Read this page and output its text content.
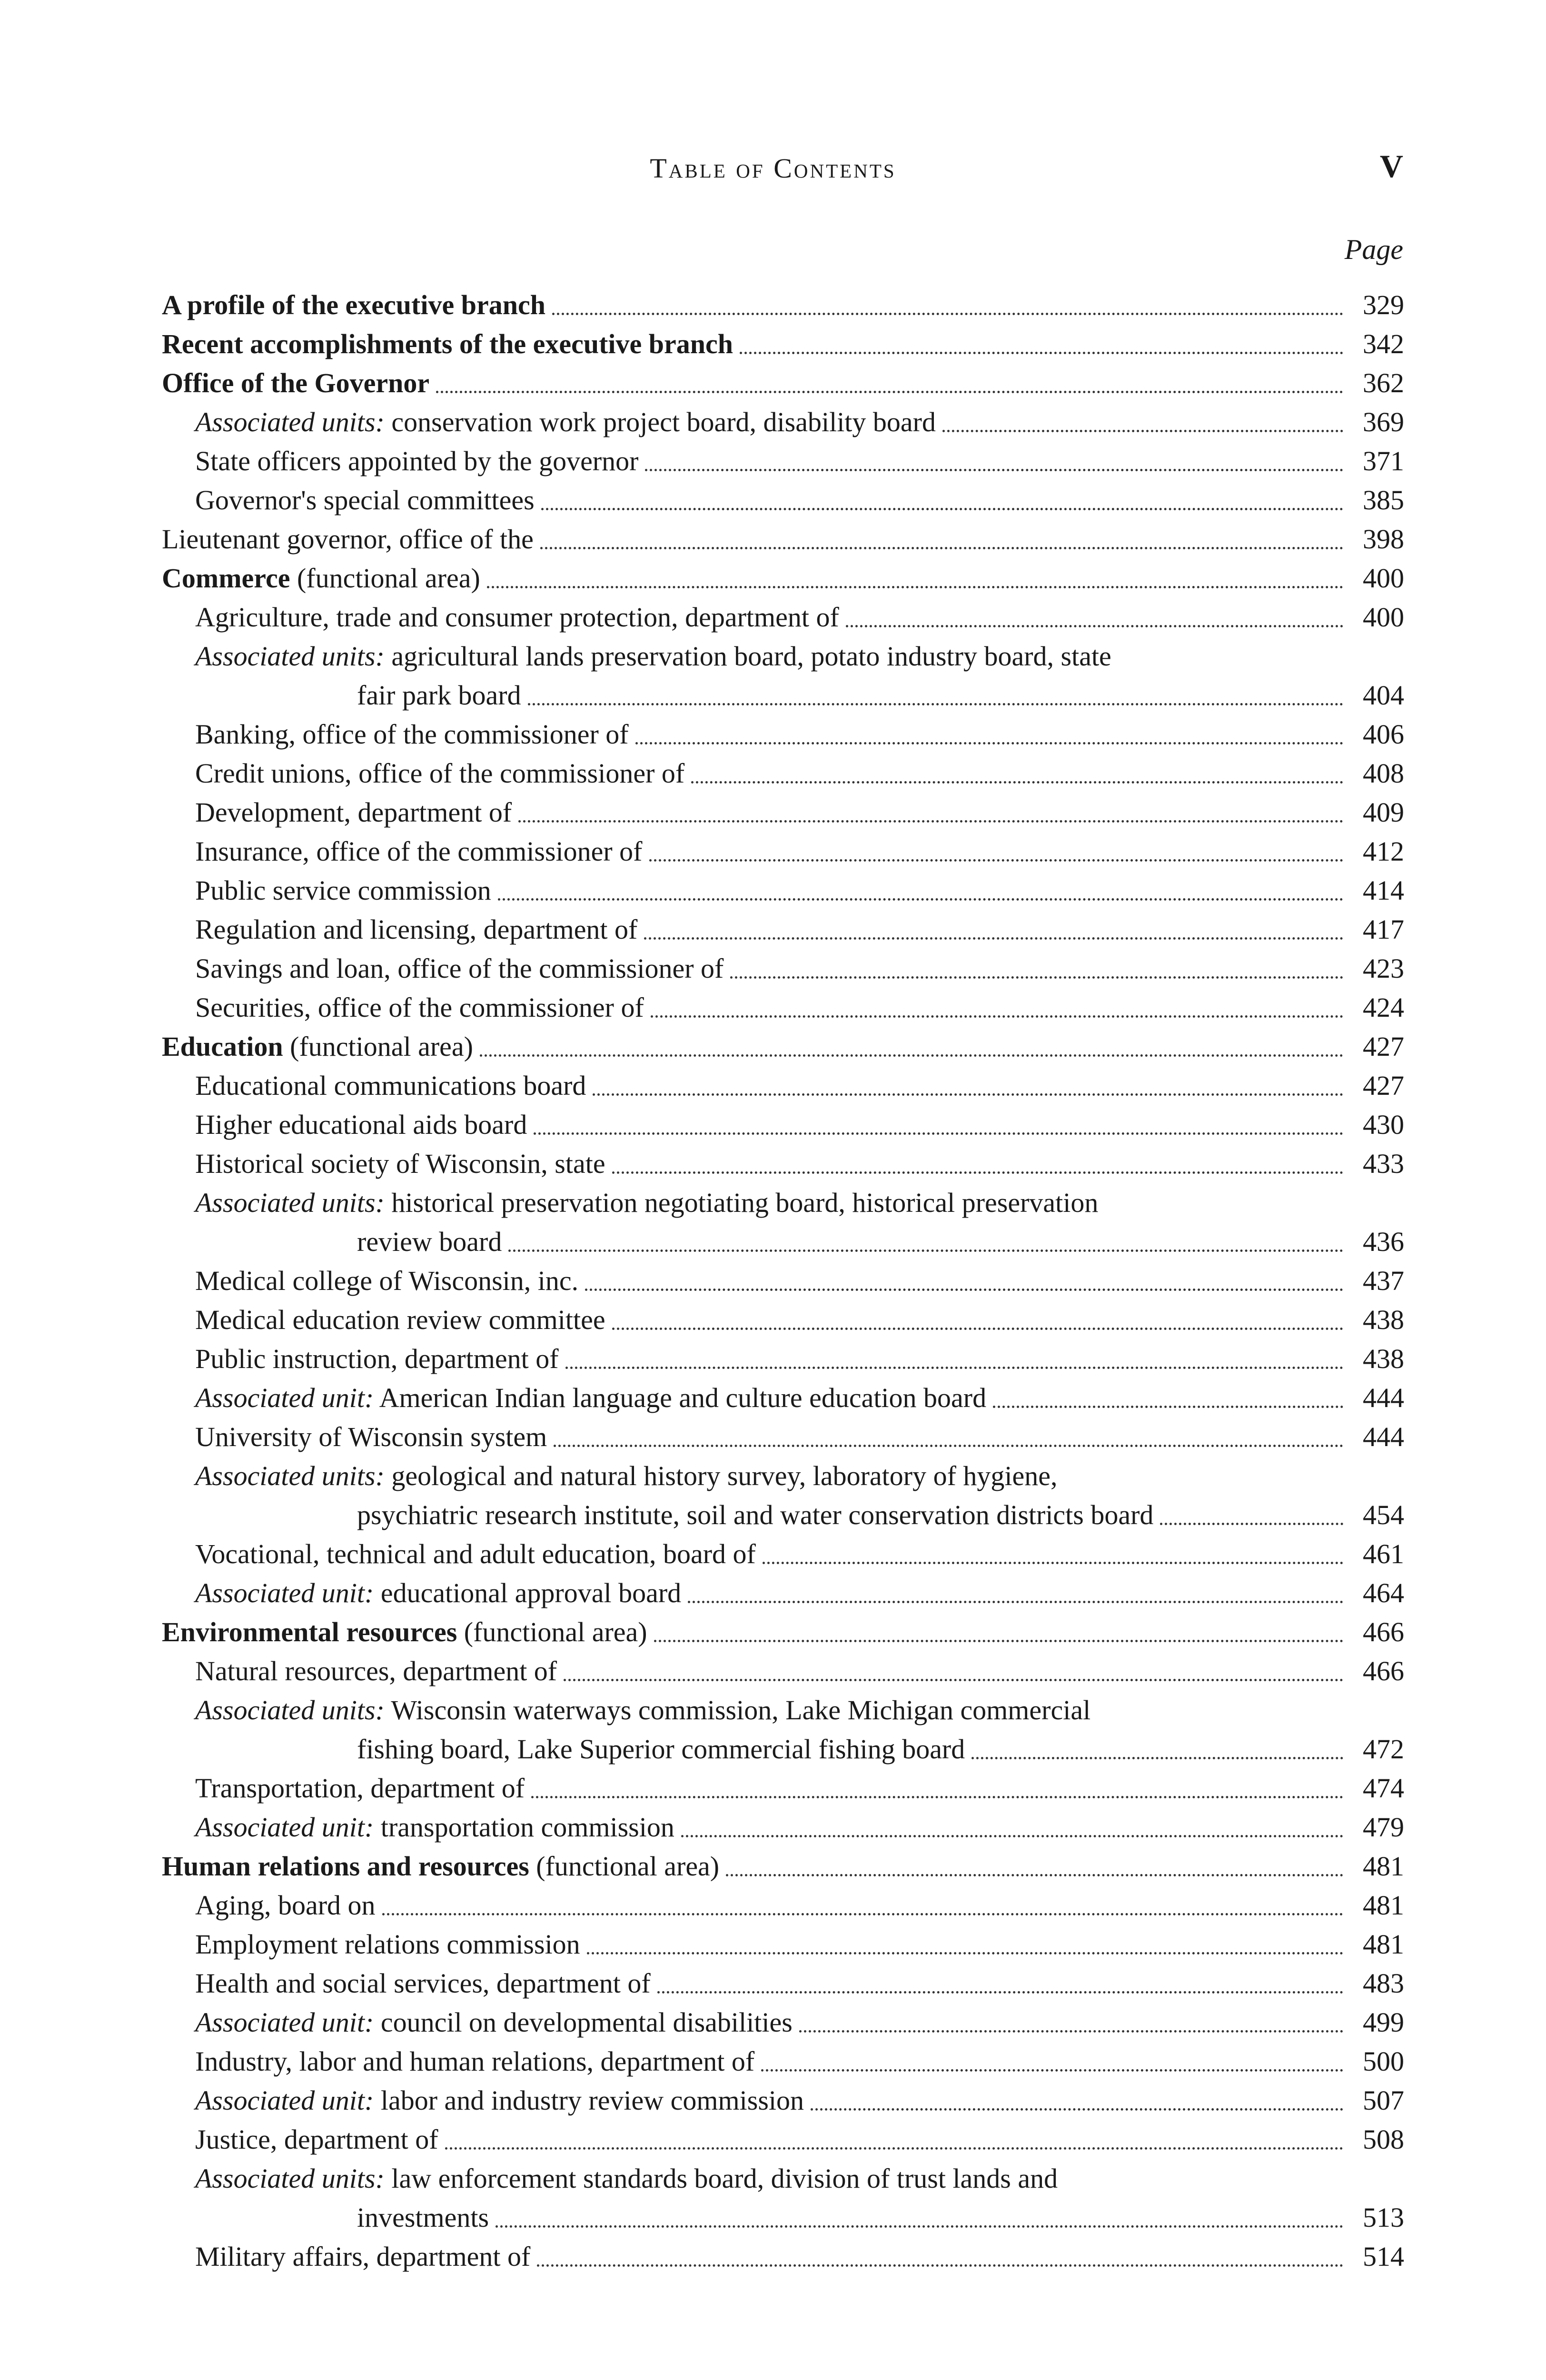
Table of Contents	V
Page
A profile of the executive branch	329
Recent accomplishments of the executive branch	342
Office of the Governor	362
Associated units: conservation work project board, disability board	369
State officers appointed by the governor	371
Governor's special committees	385
Lieutenant governor, office of the	398
Commerce (functional area)	400
Agriculture, trade and consumer protection, department of	400
Associated units: agricultural lands preservation board, potato industry board, state
fair park board	404
Banking, office of the commissioner of	406
Credit unions, office of the commissioner of	408
Development, department of	409
Insurance, office of the commissioner of	412
Public service commission	414
Regulation and licensing, department of	417
Savings and loan, office of the commissioner of	423
Securities, office of the commissioner of	424
Education (functional area)	427
Educational communications board	427
Higher educational aids board	430
Historical society of Wisconsin, state	433
Associated units: historical preservation negotiating board, historical preservation
review board	436
Medical college of Wisconsin, inc.	437
Medical education review committee	438
Public instruction, department of	438
Associated unit: American Indian language and culture education board	444
University of Wisconsin system	444
Associated units: geological and natural history survey, laboratory of hygiene,
psychiatric research institute, soil and water conservation districts board	454
Vocational, technical and adult education, board of	461
Associated unit: educational approval board	464
Environmental resources (functional area)	466
Natural resources, department of	466
Associated units: Wisconsin waterways commission, Lake Michigan commercial
fishing board, Lake Superior commercial fishing board	472
Transportation, department of	474
Associated unit: transportation commission	479
Human relations and resources (functional area)	481
Aging, board on	481
Employment relations commission	481
Health and social services, department of	483
Associated unit: council on developmental disabilities	499
Industry, labor and human relations, department of	500
Associated unit: labor and industry review commission	507
Justice, department of	508
Associated units: law enforcement standards board, division of trust lands and
investments	513
Military affairs, department of	514
